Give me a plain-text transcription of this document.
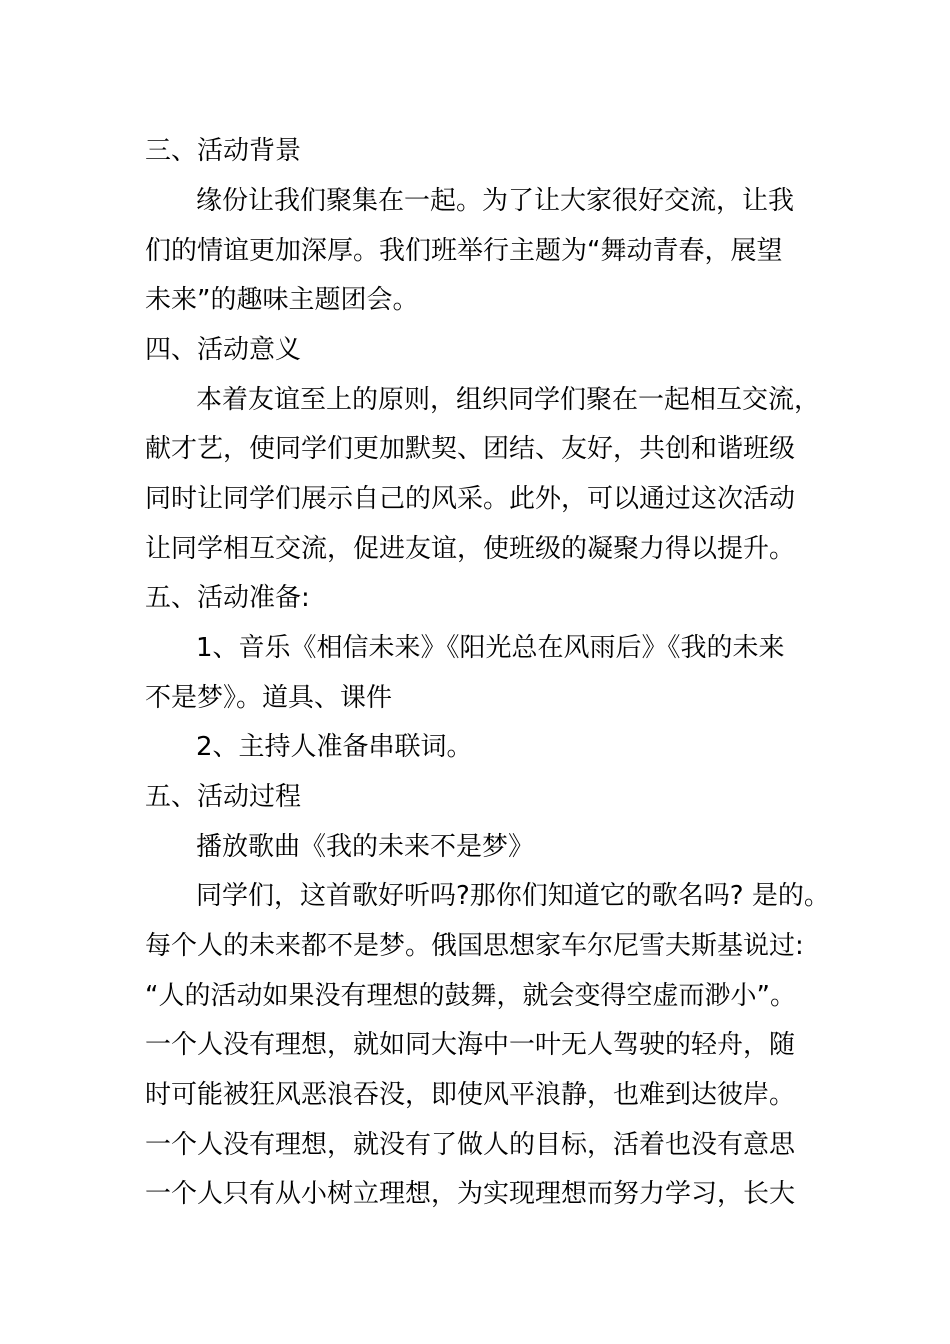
三、活动背景
缘份让我们聚集在一起。为了让大家很好交流，让我
们的情谊更加深厚。我们班举行主题为“舞动青春，展望
未来”的趣味主题团会。
四、活动意义
本着友谊至上的原则，组织同学们聚在一起相互交流，
献才艺，使同学们更加默契、团结、友好，共创和谐班级
同时让同学们展示自己的风采。此外，可以通过这次活动
让同学相互交流，促进友谊，使班级的凝聚力得以提升。
五、活动准备:
1、音乐《相信未来》《阳光总在风雨后》《我的未来
不是梦》。道具、课件
2、主持人准备串联词。
五、活动过程
播放歌曲《我的未来不是梦》
同学们，这首歌好听吗?那你们知道它的歌名吗? 是的。
每个人的未来都不是梦。俄国思想家车尔尼雪夫斯基说过:
“人的活动如果没有理想的鼓舞，就会变得空虚而渺小”。
一个人没有理想，就如同大海中一叶无人驾驶的轻舟，随
时可能被狂风恶浪吞没，即使风平浪静，也难到达彼岸。
一个人没有理想，就没有了做人的目标，活着也没有意思
一个人只有从小树立理想，为实现理想而努力学习，长大
